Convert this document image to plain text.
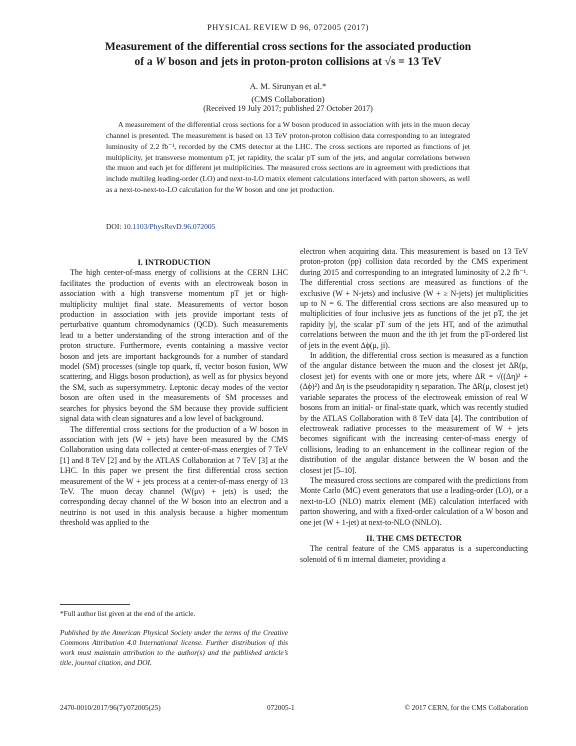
PHYSICAL REVIEW D 96, 072005 (2017)
Measurement of the differential cross sections for the associated production
of a W boson and jets in proton-proton collisions at √s = 13 TeV
A. M. Sirunyan et al.*
(CMS Collaboration)
(Received 19 July 2017; published 27 October 2017)
A measurement of the differential cross sections for a W boson produced in association with jets in the muon decay channel is presented. The measurement is based on 13 TeV proton-proton collision data corresponding to an integrated luminosity of 2.2 fb⁻¹, recorded by the CMS detector at the LHC. The cross sections are reported as functions of jet multiplicity, jet transverse momentum pT, jet rapidity, the scalar pT sum of the jets, and angular correlations between the muon and each jet for different jet multiplicities. The measured cross sections are in agreement with predictions that include multileg leading-order (LO) and next-to-LO matrix element calculations interfaced with parton showers, as well as a next-to-next-to-LO calculation for the W boson and one jet production.
DOI: 10.1103/PhysRevD.96.072005

I. INTRODUCTION

The high center-of-mass energy of collisions at the CERN LHC facilitates the production of events with an electroweak boson in association with a high transverse momentum pT jet or high-multiplicity multijet final state. Measurements of vector boson production in association with jets provide important tests of perturbative quantum chromodynamics (QCD). Such measurements lead to a better understanding of the strong interaction and of the proton structure. Furthermore, events containing a massive vector boson and jets are important backgrounds for a number of standard model (SM) processes (single top quark, tt̄, vector boson fusion, WW scattering, and Higgs boson production), as well as for physics beyond the SM, such as supersymmetry. Leptonic decay modes of the vector boson are often used in the measurements of SM processes and searches for physics beyond the SM because they provide sufficient signal data with clean signatures and a low level of background.

The differential cross sections for the production of a W boson in association with jets (W + jets) have been measured by the CMS Collaboration using data collected at center-of-mass energies of 7 TeV [1] and 8 TeV [2] and by the ATLAS Collaboration at 7 TeV [3] at the LHC. In this paper we present the first differential cross section measurement of the W + jets process at a center-of-mass energy of 13 TeV. The muon decay channel (W(μν) + jets) is used; the corresponding decay channel of the W boson into an electron and a neutrino is not used in this analysis because a higher momentum threshold was applied to the

electron when acquiring data. This measurement is based on 13 TeV proton-proton (pp) collision data recorded by the CMS experiment during 2015 and corresponding to an integrated luminosity of 2.2 fb⁻¹. The differential cross sections are measured as functions of the exclusive (W + N-jets) and inclusive (W + ≥ N-jets) jet multiplicities up to N = 6. The differential cross sections are also measured up to multiplicities of four inclusive jets as functions of the jet pT, the jet rapidity |y|, the scalar pT sum of the jets HT, and of the azimuthal correlations between the muon and the ith jet from the pT-ordered list of jets in the event Δϕ(μ, ji).

In addition, the differential cross section is measured as a function of the angular distance between the muon and the closest jet ΔR(μ, closest jet) for events with one or more jets, where ΔR = √((Δη)² + (Δϕ)²) and Δη is the pseudorapidity η separation. The ΔR(μ, closest jet) variable separates the process of the electroweak emission of real W bosons from an initial- or final-state quark, which was recently studied by the ATLAS Collaboration with 8 TeV data [4]. The contribution of electroweak radiative processes to the measurement of W + jets becomes significant with the increasing center-of-mass energy of collisions, leading to an enhancement in the collinear region of the distribution of the angular distance between the W boson and the closest jet [5–10].

The measured cross sections are compared with the predictions from Monte Carlo (MC) event generators that use a leading-order (LO), or a next-to-LO (NLO) matrix element (ME) calculation interfaced with parton showering, and with a fixed-order calculation of a W boson and one jet (W + 1-jet) at next-to-NLO (NNLO).

II. THE CMS DETECTOR

The central feature of the CMS apparatus is a superconducting solenoid of 6 m internal diameter, providing a

*Full author list given at the end of the article.
Published by the American Physical Society under the terms of the Creative Commons Attribution 4.0 International license. Further distribution of this work must maintain attribution to the author(s) and the published article’s title, journal citation, and DOI.
2470-0010/2017/96(7)/072005(25)	072005-1	© 2017 CERN, for the CMS Collaboration
